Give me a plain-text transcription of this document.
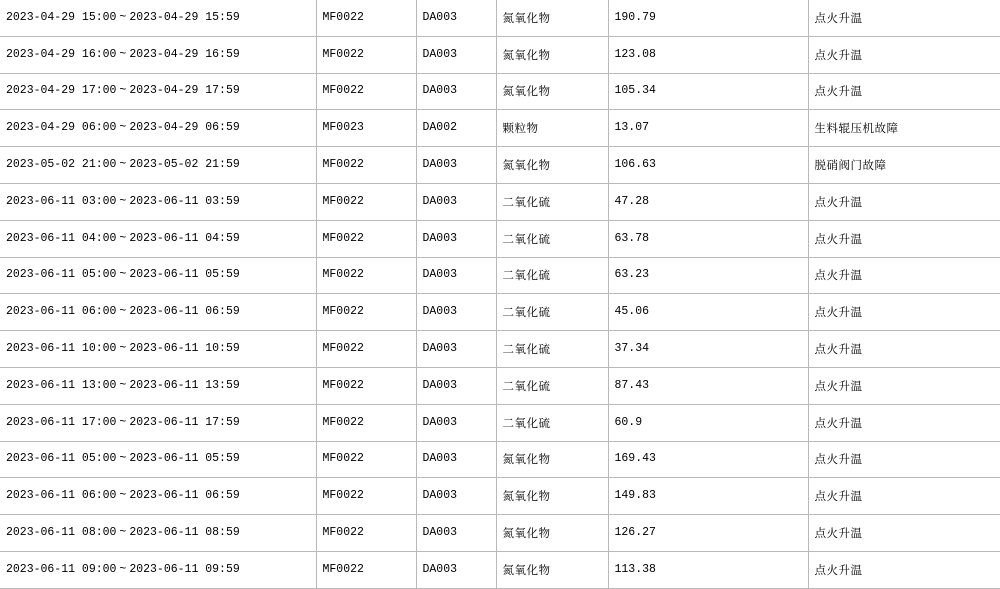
2023-04-29 15:00 ~ 2023-04-29 15:59	MF0022	DA003	氮氧化物	190.79	点火升温
2023-04-29 16:00 ~ 2023-04-29 16:59	MF0022	DA003	氮氧化物	123.08	点火升温
2023-04-29 17:00 ~ 2023-04-29 17:59	MF0022	DA003	氮氧化物	105.34	点火升温
2023-04-29 06:00 ~ 2023-04-29 06:59	MF0023	DA002	颗粒物	13.07	生料辊压机故障
2023-05-02 21:00 ~ 2023-05-02 21:59	MF0022	DA003	氮氧化物	106.63	脱硝阀门故障
2023-06-11 03:00 ~ 2023-06-11 03:59	MF0022	DA003	二氧化硫	47.28	点火升温
2023-06-11 04:00 ~ 2023-06-11 04:59	MF0022	DA003	二氧化硫	63.78	点火升温
2023-06-11 05:00 ~ 2023-06-11 05:59	MF0022	DA003	二氧化硫	63.23	点火升温
2023-06-11 06:00 ~ 2023-06-11 06:59	MF0022	DA003	二氧化硫	45.06	点火升温
2023-06-11 10:00 ~ 2023-06-11 10:59	MF0022	DA003	二氧化硫	37.34	点火升温
2023-06-11 13:00 ~ 2023-06-11 13:59	MF0022	DA003	二氧化硫	87.43	点火升温
2023-06-11 17:00 ~ 2023-06-11 17:59	MF0022	DA003	二氧化硫	60.9	点火升温
2023-06-11 05:00 ~ 2023-06-11 05:59	MF0022	DA003	氮氧化物	169.43	点火升温
2023-06-11 06:00 ~ 2023-06-11 06:59	MF0022	DA003	氮氧化物	149.83	点火升温
2023-06-11 08:00 ~ 2023-06-11 08:59	MF0022	DA003	氮氧化物	126.27	点火升温
2023-06-11 09:00 ~ 2023-06-11 09:59	MF0022	DA003	氮氧化物	113.38	点火升温
